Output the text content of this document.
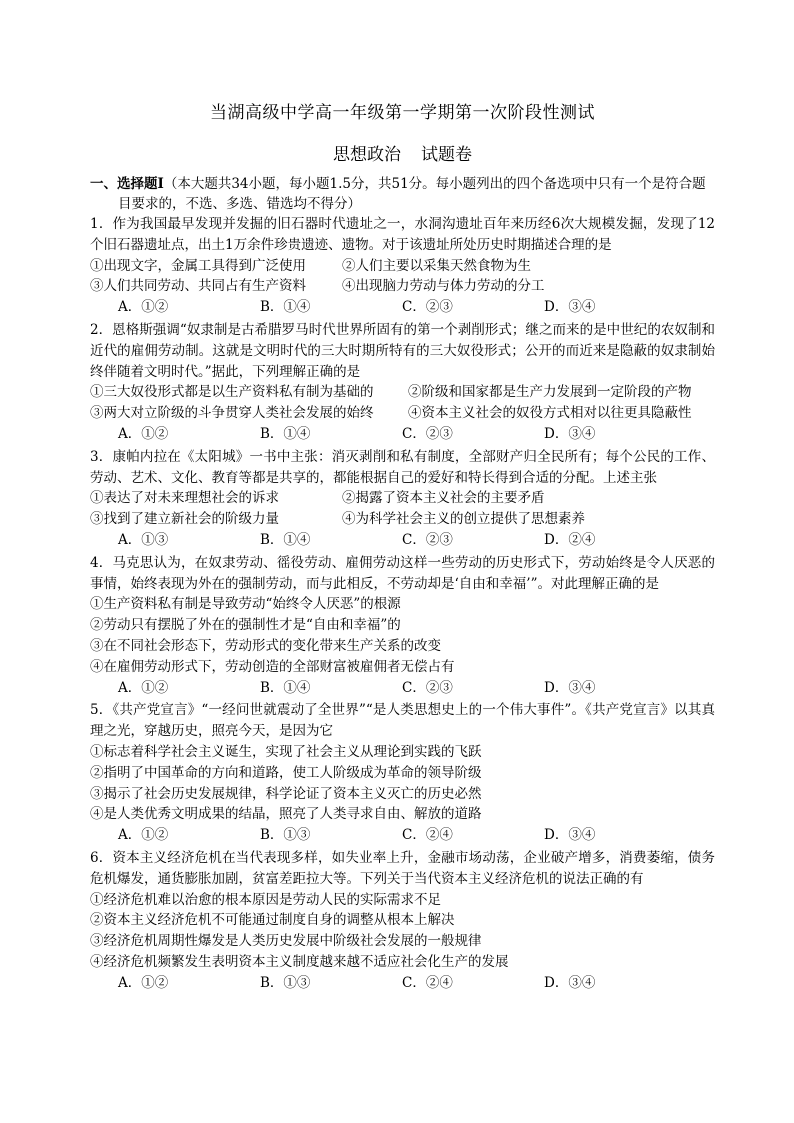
当湖高级中学高一年级第一学期第一次阶段性测试

思想政治 试题卷

一、选择题Ⅰ（本大题共34小题，每小题1.5分，共51分。每小题列出的四个备选项中只有一个是符合题目要求的，不选、多选、错选均不得分）

1．作为我国最早发现并发掘的旧石器时代遗址之一，水洞沟遗址百年来历经6次大规模发掘，发现了12个旧石器遗址点，出土1万余件珍贵遗迹、遗物。对于该遗址所处历史时期描述合理的是

①出现文字，金属工具得到广泛使用	②人们主要以采集天然食物为生
③人们共同劳动、共同占有生产资料	④出现脑力劳动与体力劳动的分工
A．①②	B．①④	C．②③	D．③④

2．恩格斯强调“奴隶制是古希腊罗马时代世界所固有的第一个剥削形式；继之而来的是中世纪的农奴制和近代的雇佣劳动制。这就是文明时代的三大时期所特有的三大奴役形式；公开的而近来是隐蔽的奴隶制始终伴随着文明时代。”据此，下列理解正确的是

①三大奴役形式都是以生产资料私有制为基础的	②阶级和国家都是生产力发展到一定阶段的产物
③两大对立阶级的斗争贯穿人类社会发展的始终	④资本主义社会的奴役方式相对以往更具隐蔽性
A．①②	B．①④	C．②③	D．③④

3．康帕内拉在《太阳城》一书中主张：消灭剥削和私有制度，全部财产归全民所有；每个公民的工作、劳动、艺术、文化、教育等都是共享的，都能根据自己的爱好和特长得到合适的分配。上述主张

①表达了对未来理想社会的诉求	②揭露了资本主义社会的主要矛盾
③找到了建立新社会的阶级力量	④为科学社会主义的创立提供了思想素养
A．①③	B．①④	C．②③	D．②④

4．马克思认为，在奴隶劳动、徭役劳动、雇佣劳动这样一些劳动的历史形式下，劳动始终是令人厌恶的事情，始终表现为外在的强制劳动，而与此相反，不劳动却是‘自由和幸福’”。对此理解正确的是

①生产资料私有制是导致劳动“始终令人厌恶”的根源

②劳动只有摆脱了外在的强制性才是“自由和幸福”的

③在不同社会形态下，劳动形式的变化带来生产关系的改变

④在雇佣劳动形式下，劳动创造的全部财富被雇佣者无偿占有

A．①②	B．①④	C．②③	D．③④

5．《共产党宣言》“一经问世就震动了全世界”“是人类思想史上的一个伟大事件”。《共产党宣言》以其真理之光，穿越历史，照亮今天，是因为它

①标志着科学社会主义诞生，实现了社会主义从理论到实践的飞跃

②指明了中国革命的方向和道路，使工人阶级成为革命的领导阶级

③揭示了社会历史发展规律，科学论证了资本主义灭亡的历史必然

④是人类优秀文明成果的结晶，照亮了人类寻求自由、解放的道路

A．①②	B．①③	C．②④	D．③④

6．资本主义经济危机在当代表现多样，如失业率上升，金融市场动荡，企业破产增多，消费萎缩，债务危机爆发，通货膨胀加剧，贫富差距拉大等。下列关于当代资本主义经济危机的说法正确的有

①经济危机难以治愈的根本原因是劳动人民的实际需求不足

②资本主义经济危机不可能通过制度自身的调整从根本上解决

③经济危机周期性爆发是人类历史发展中阶级社会发展的一般规律

④经济危机频繁发生表明资本主义制度越来越不适应社会化生产的发展

A．①②	B．①③	C．②④	D．③④
